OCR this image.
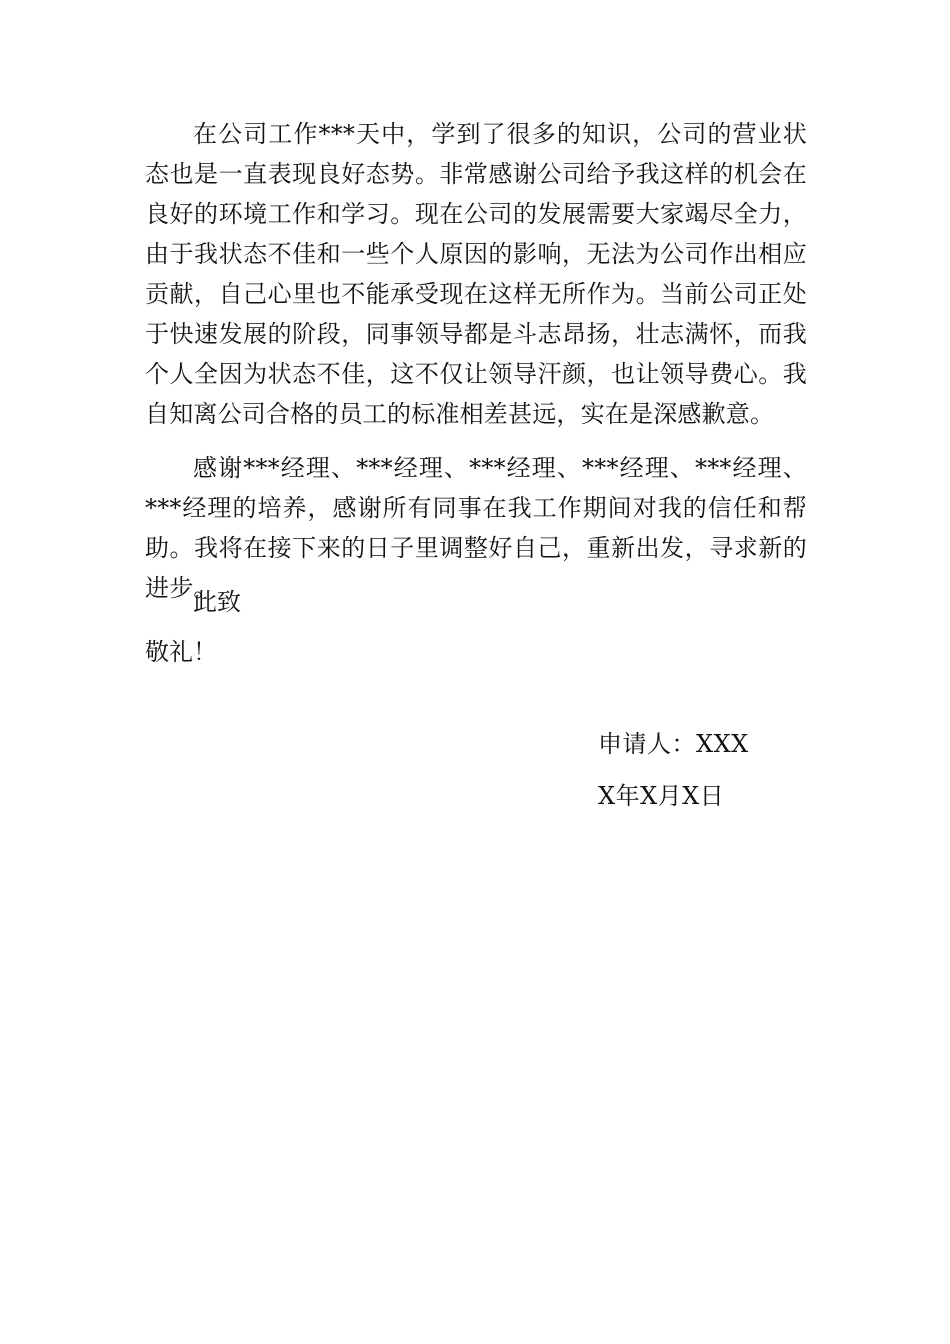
在公司工作***天中，学到了很多的知识，公司的营业状态也是一直表现良好态势。非常感谢公司给予我这样的机会在良好的环境工作和学习。现在公司的发展需要大家竭尽全力，由于我状态不佳和一些个人原因的影响，无法为公司作出相应贡献，自己心里也不能承受现在这样无所作为。当前公司正处于快速发展的阶段，同事领导都是斗志昂扬，壮志满怀，而我个人全因为状态不佳，这不仅让领导汗颜，也让领导费心。我自知离公司合格的员工的标准相差甚远，实在是深感歉意。

感谢***经理、***经理、***经理、***经理、***经理、***经理的培养，感谢所有同事在我工作期间对我的信任和帮助。我将在接下来的日子里调整好自己，重新出发，寻求新的进步。

此致

敬礼！

申请人：XXX

X年X月X日
